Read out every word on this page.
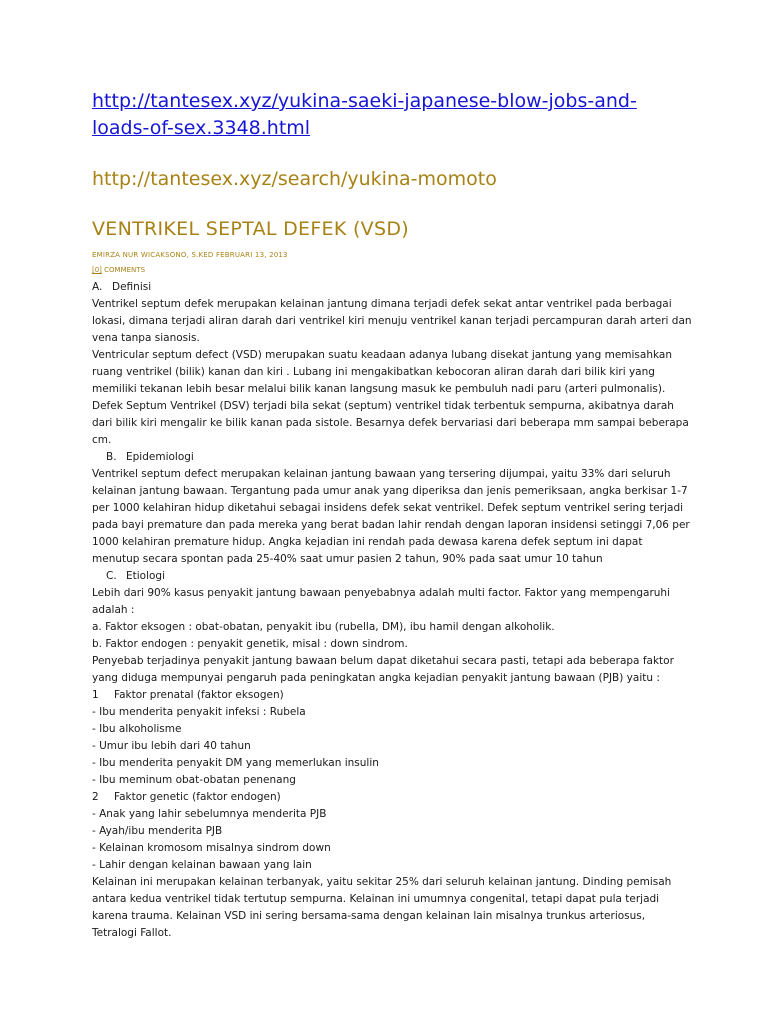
http://tantesex.xyz/yukina-saeki-japanese-blow-jobs-and-loads-of-sex.3348.html
http://tantesex.xyz/search/yukina-momoto
VENTRIKEL SEPTAL DEFEK (VSD)
EMIRZA NUR WICAKSONO, S.KED FEBRUARI 13, 2013
[0] COMMENTS
A. Definisi

Ventrikel septum defek merupakan kelainan jantung dimana terjadi defek sekat antar ventrikel pada berbagai lokasi, dimana terjadi aliran darah dari ventrikel kiri menuju ventrikel kanan terjadi percampuran darah arteri dan vena tanpa sianosis.

Ventricular septum defect (VSD) merupakan suatu keadaan adanya lubang disekat jantung yang memisahkan ruang ventrikel (bilik) kanan dan kiri . Lubang ini mengakibatkan kebocoran aliran darah dari bilik kiri yang memiliki tekanan lebih besar melalui bilik kanan langsung masuk ke pembuluh nadi paru (arteri pulmonalis).

Defek Septum Ventrikel (DSV) terjadi bila sekat (septum) ventrikel tidak terbentuk sempurna, akibatnya darah dari bilik kiri mengalir ke bilik kanan pada sistole. Besarnya defek bervariasi dari beberapa mm sampai beberapa cm.

B. Epidemiologi

Ventrikel septum defect merupakan kelainan jantung bawaan yang tersering dijumpai, yaitu 33% dari seluruh kelainan jantung bawaan. Tergantung pada umur anak yang diperiksa dan jenis pemeriksaan, angka berkisar 1-7 per 1000 kelahiran hidup diketahui sebagai insidens defek sekat ventrikel. Defek septum ventrikel sering terjadi pada bayi premature dan pada mereka yang berat badan lahir rendah dengan laporan insidensi setinggi 7,06 per 1000 kelahiran premature hidup. Angka kejadian ini rendah pada dewasa karena defek septum ini dapat menutup secara spontan pada 25-40% saat umur pasien 2 tahun, 90% pada saat umur 10 tahun

C. Etiologi

Lebih dari 90% kasus penyakit jantung bawaan penyebabnya adalah multi factor. Faktor yang mempengaruhi adalah :

a. Faktor eksogen : obat-obatan, penyakit ibu (rubella, DM), ibu hamil dengan alkoholik.

b. Faktor endogen : penyakit genetik, misal : down sindrom.

Penyebab terjadinya penyakit jantung bawaan belum dapat diketahui secara pasti, tetapi ada beberapa faktor yang diduga mempunyai pengaruh pada peningkatan angka kejadian penyakit jantung bawaan (PJB) yaitu :

1	Faktor prenatal (faktor eksogen)

- Ibu menderita penyakit infeksi : Rubela

- Ibu alkoholisme

- Umur ibu lebih dari 40 tahun

- Ibu menderita penyakit DM yang memerlukan insulin

- Ibu meminum obat-obatan penenang

2	Faktor genetic (faktor endogen)

- Anak yang lahir sebelumnya menderita PJB

- Ayah/ibu menderita PJB

- Kelainan kromosom misalnya sindrom down

- Lahir dengan kelainan bawaan yang lain

Kelainan ini merupakan kelainan terbanyak, yaitu sekitar 25% dari seluruh kelainan jantung. Dinding pemisah antara kedua ventrikel tidak tertutup sempurna. Kelainan ini umumnya congenital, tetapi dapat pula terjadi karena trauma. Kelainan VSD ini sering bersama-sama dengan kelainan lain misalnya trunkus arteriosus, Tetralogi Fallot.
